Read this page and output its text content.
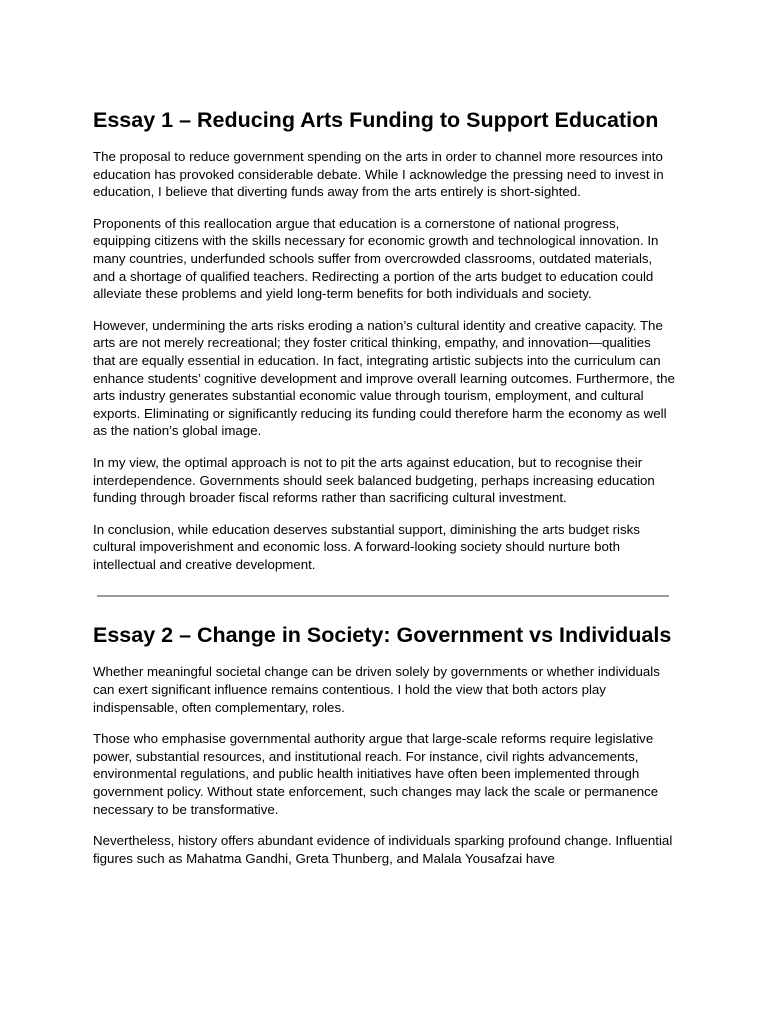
Essay 1 – Reducing Arts Funding to Support Education

The proposal to reduce government spending on the arts in order to channel more resources into education has provoked considerable debate. While I acknowledge the pressing need to invest in education, I believe that diverting funds away from the arts entirely is short-sighted.

Proponents of this reallocation argue that education is a cornerstone of national progress, equipping citizens with the skills necessary for economic growth and technological innovation. In many countries, underfunded schools suffer from overcrowded classrooms, outdated materials, and a shortage of qualified teachers. Redirecting a portion of the arts budget to education could alleviate these problems and yield long-term benefits for both individuals and society.

However, undermining the arts risks eroding a nation’s cultural identity and creative capacity. The arts are not merely recreational; they foster critical thinking, empathy, and innovation—qualities that are equally essential in education. In fact, integrating artistic subjects into the curriculum can enhance students’ cognitive development and improve overall learning outcomes. Furthermore, the arts industry generates substantial economic value through tourism, employment, and cultural exports. Eliminating or significantly reducing its funding could therefore harm the economy as well as the nation’s global image.

In my view, the optimal approach is not to pit the arts against education, but to recognise their interdependence. Governments should seek balanced budgeting, perhaps increasing education funding through broader fiscal reforms rather than sacrificing cultural investment.

In conclusion, while education deserves substantial support, diminishing the arts budget risks cultural impoverishment and economic loss. A forward-looking society should nurture both intellectual and creative development.

Essay 2 – Change in Society: Government vs Individuals

Whether meaningful societal change can be driven solely by governments or whether individuals can exert significant influence remains contentious. I hold the view that both actors play indispensable, often complementary, roles.

Those who emphasise governmental authority argue that large-scale reforms require legislative power, substantial resources, and institutional reach. For instance, civil rights advancements, environmental regulations, and public health initiatives have often been implemented through government policy. Without state enforcement, such changes may lack the scale or permanence necessary to be transformative.

Nevertheless, history offers abundant evidence of individuals sparking profound change. Influential figures such as Mahatma Gandhi, Greta Thunberg, and Malala Yousafzai have
